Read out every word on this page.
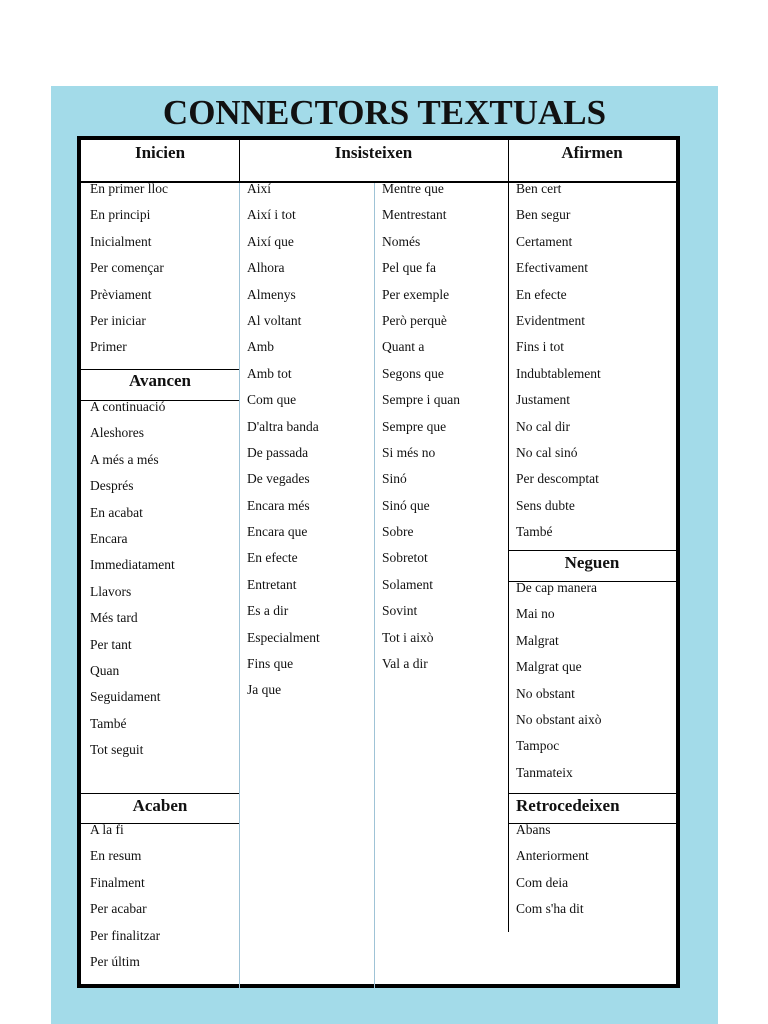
CONNECTORS TEXTUALS
Inicien	Insisteixen	Afirmen
Avancen
Acaben
Neguen
Retrocedeixen
En primer lloc
En principi
Inicialment
Per començar
Prèviament
Per iniciar
Primer
A continuació
Aleshores
A més a més
Després
En acabat
Encara
Immediatament
Llavors
Més tard
Per tant
Quan
Seguidament
També
Tot seguit
A la fi
En resum
Finalment
Per acabar
Per finalitzar
Per últim
Així
Així i tot
Així que
Alhora
Almenys
Al voltant
Amb
Amb tot
Com que
D'altra banda
De passada
De vegades
Encara més
Encara que
En efecte
Entretant
Es a dir
Especialment
Fins que
Ja que
Mentre que
Mentrestant
Només
Pel que fa
Per exemple
Però perquè
Quant a
Segons que
Sempre i quan
Sempre que
Si més no
Sinó
Sinó que
Sobre
Sobretot
Solament
Sovint
Tot i això
Val a dir
Ben cert
Ben segur
Certament
Efectivament
En efecte
Evidentment
Fins i tot
Indubtablement
Justament
No cal dir
No cal sinó
Per descomptat
Sens dubte
També
De cap manera
Mai no
Malgrat
Malgrat que
No obstant
No obstant això
Tampoc
Tanmateix
Abans
Anteriorment
Com deia
Com s'ha dit
